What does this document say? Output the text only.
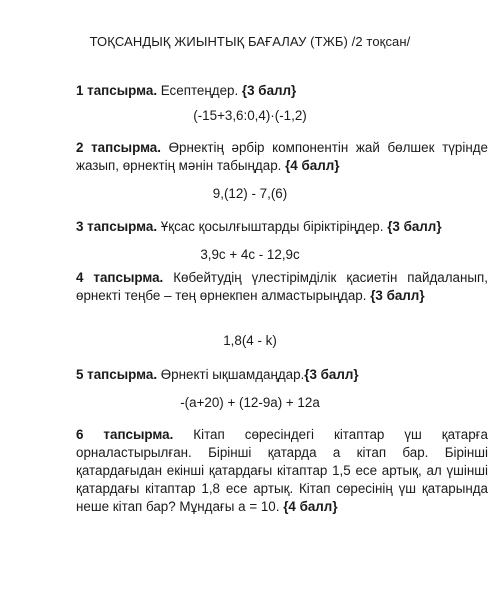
ТОҚСАНДЫҚ ЖИЫНТЫҚ БАҒАЛАУ (ТЖБ) /2 тоқсан/
1 тапсырма. Есептеңдер. {3 балл}
(-15+3,6:0,4)·(-1,2)
2 тапсырма. Өрнектің әрбір компонентін жай бөлшек түрінде жазып, өрнектің мәнін табыңдар. {4 балл}
9,(12) - 7,(6)
3 тапсырма. Ұқсас қосылғыштарды біріктіріңдер. {3 балл}
3,9c + 4c - 12,9c
4 тапсырма. Көбейтудің үлестірімділік қасиетін пайдаланып, өрнекті теңбе – тең өрнекпен алмастырыңдар. {3 балл}
1,8(4 - k)
5 тапсырма. Өрнекті ықшамдаңдар.{3 балл}
-(a+20) + (12-9a) + 12a
6 тапсырма. Кітап сөресіндегі кітаптар үш қатарға орналастырылған. Бірінші қатарда а кітап бар. Бірінші қатардағыдан екінші қатардағы кітаптар 1,5 есе артық, ал үшінші қатардағы кітаптар 1,8 есе артық. Кітап сөресінің үш қатарында неше кітап бар? Мұндағы а = 10. {4 балл}
